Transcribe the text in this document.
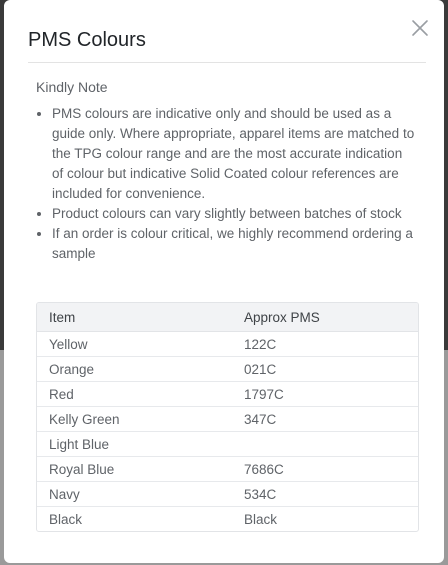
PMS Colours

Kindly Note

• PMS colours are indicative only and should be used as a guide only. Where appropriate, apparel items are matched to the TPG colour range and are the most accurate indication of colour but indicative Solid Coated colour references are included for convenience.
• Product colours can vary slightly between batches of stock
• If an order is colour critical, we highly recommend ordering a sample
Item	Approx PMS
Yellow	122C
Orange	021C
Red	1797C
Kelly Green	347C
Light Blue	
Royal Blue	7686C
Navy	534C
Black	Black
